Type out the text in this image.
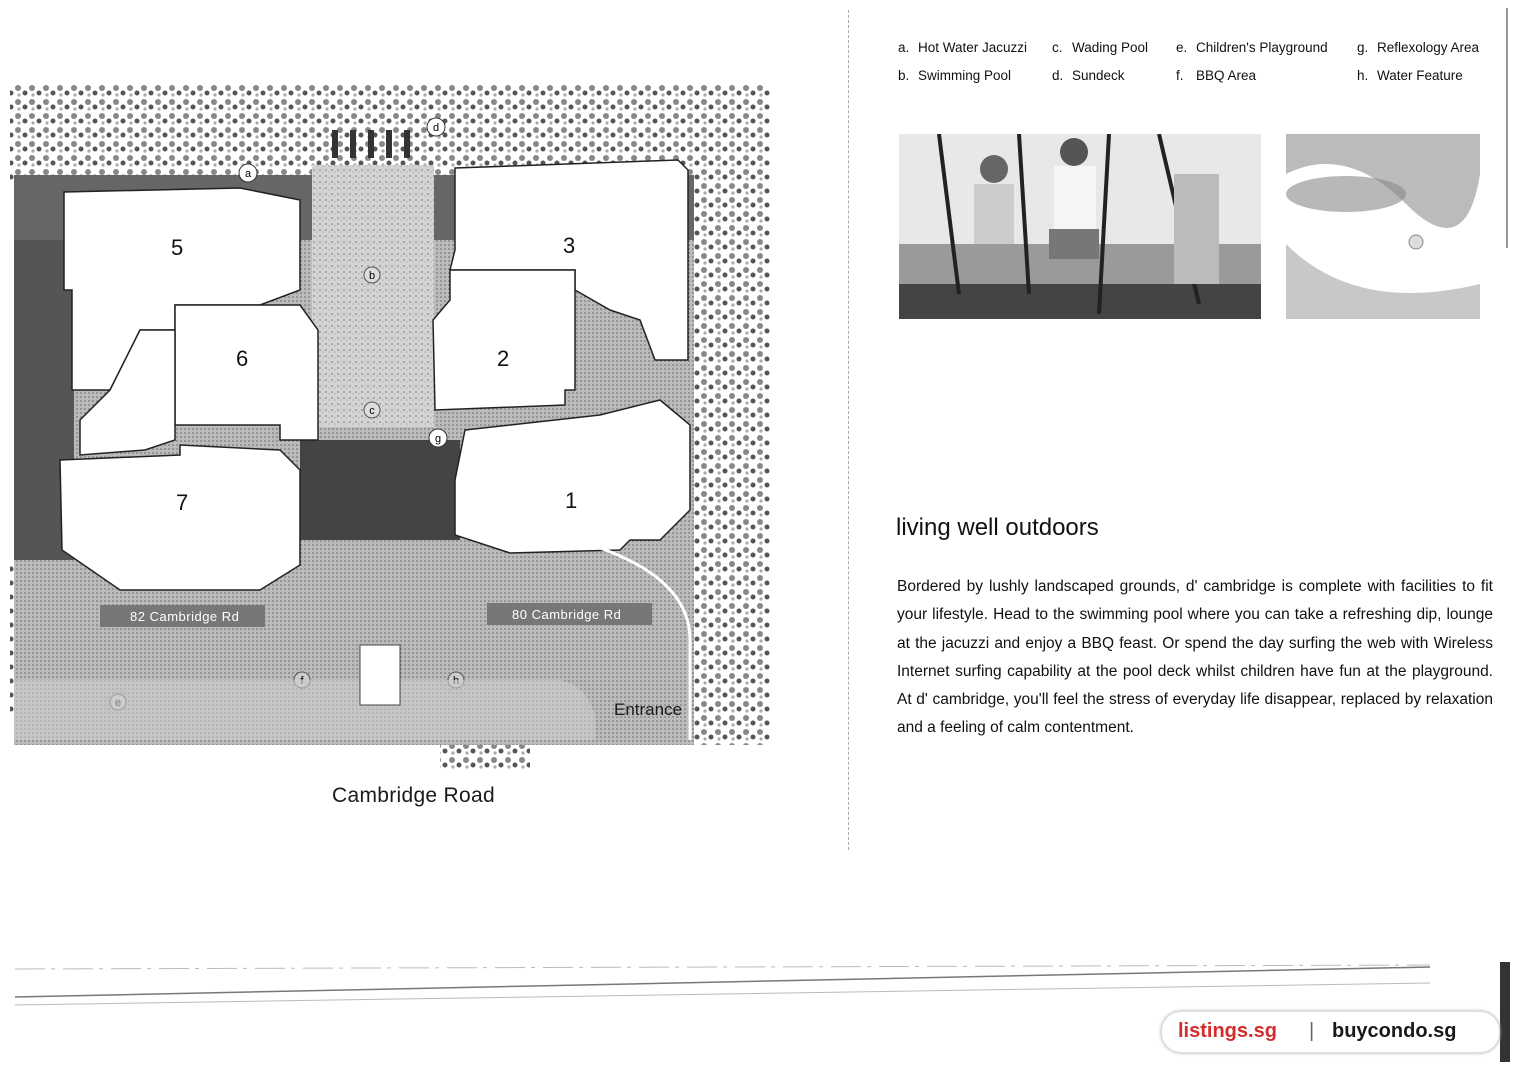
5	3
6	2
7	1
a
d
g
c
b
82 Cambridge Rd	80 Cambridge Rd
Entrance
Cambridge Road
a. Hot Water Jacuzzi
b. Swimming Pool
c. Wading Pool
d. Sundeck
e. Children's Playground
f. BBQ Area
g. Reflexology Area
h. Water Feature
living well outdoors
Bordered by lushly landscaped grounds, d' cambridge is complete with facilities to fit your lifestyle. Head to the swimming pool where you can take a refreshing dip, lounge at the jacuzzi and enjoy a BBQ feast. Or spend the day surfing the web with Wireless Internet surfing capability at the pool deck whilst children have fun at the playground. At d' cambridge, you'll feel the stress of everyday life disappear, replaced by relaxation and a feeling of calm contentment.
listings.sg | buycondo.sg
